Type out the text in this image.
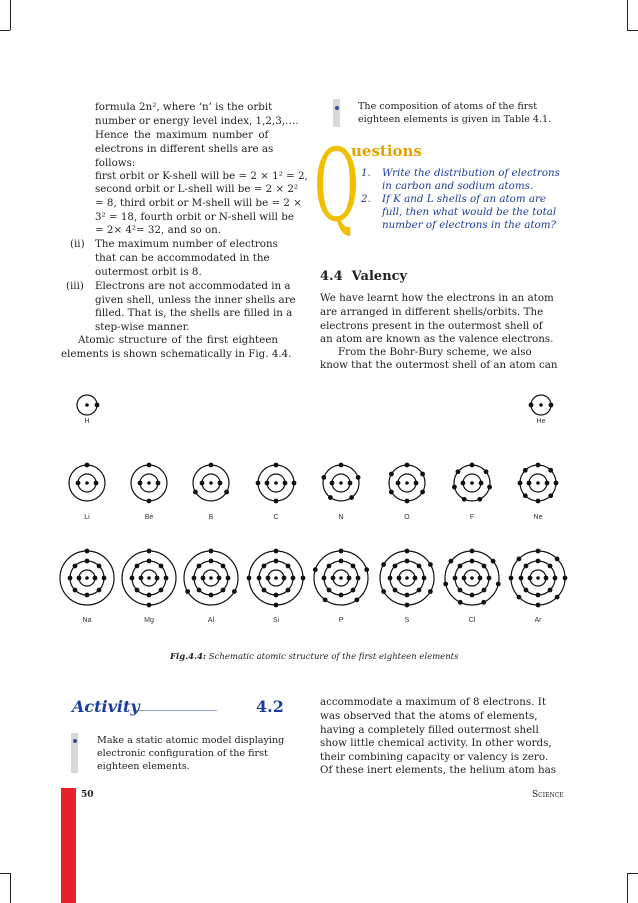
formula 2n², where ‘n’ is the orbit
number or energy level index, 1,2,3,….
Hence the maximum number of
electrons in different shells are as
follows:
first orbit or K-shell will be = 2 × 1² = 2,
second orbit or L-shell will be = 2 × 2²
= 8, third orbit or M-shell will be = 2 ×
3² = 18, fourth orbit or N-shell will be
= 2× 4²= 32, and so on.
(ii) The maximum number of electrons
that can be accommodated in the
outermost orbit is 8.
(iii) Electrons are not accommodated in a
given shell, unless the inner shells are
filled. That is, the shells are filled in a
step-wise manner.
Atomic structure of the first eighteen
elements is shown schematically in Fig. 4.4.
The composition of atoms of the first
eighteen elements is given in Table 4.1.
Q
uestions
1. Write the distribution of electrons
in carbon and sodium atoms.
2. If K and L shells of an atom are
full, then what would be the total
number of electrons in the atom?
4.4  Valency
We have learnt how the electrons in an atom
are arranged in different shells/orbits. The
electrons present in the outermost shell of
an atom are known as the valence electrons.
From the Bohr-Bury scheme, we also
know that the outermost shell of an atom can
H	He
Li	Be	B	C	N	O	F	Ne
Na	Mg	Al	Si	P	S	Cl	Ar
Fig.4.4: Schematic atomic structure of the first eighteen elements
Activity
______________ 4.2
Make a static atomic model displaying
electronic configuration of the first
eighteen elements.
accommodate a maximum of 8 electrons. It
was observed that the atoms of elements,
having a completely filled outermost shell
show little chemical activity. In other words,
their combining capacity or valency is zero.
Of these inert elements, the helium atom has
50	Science
